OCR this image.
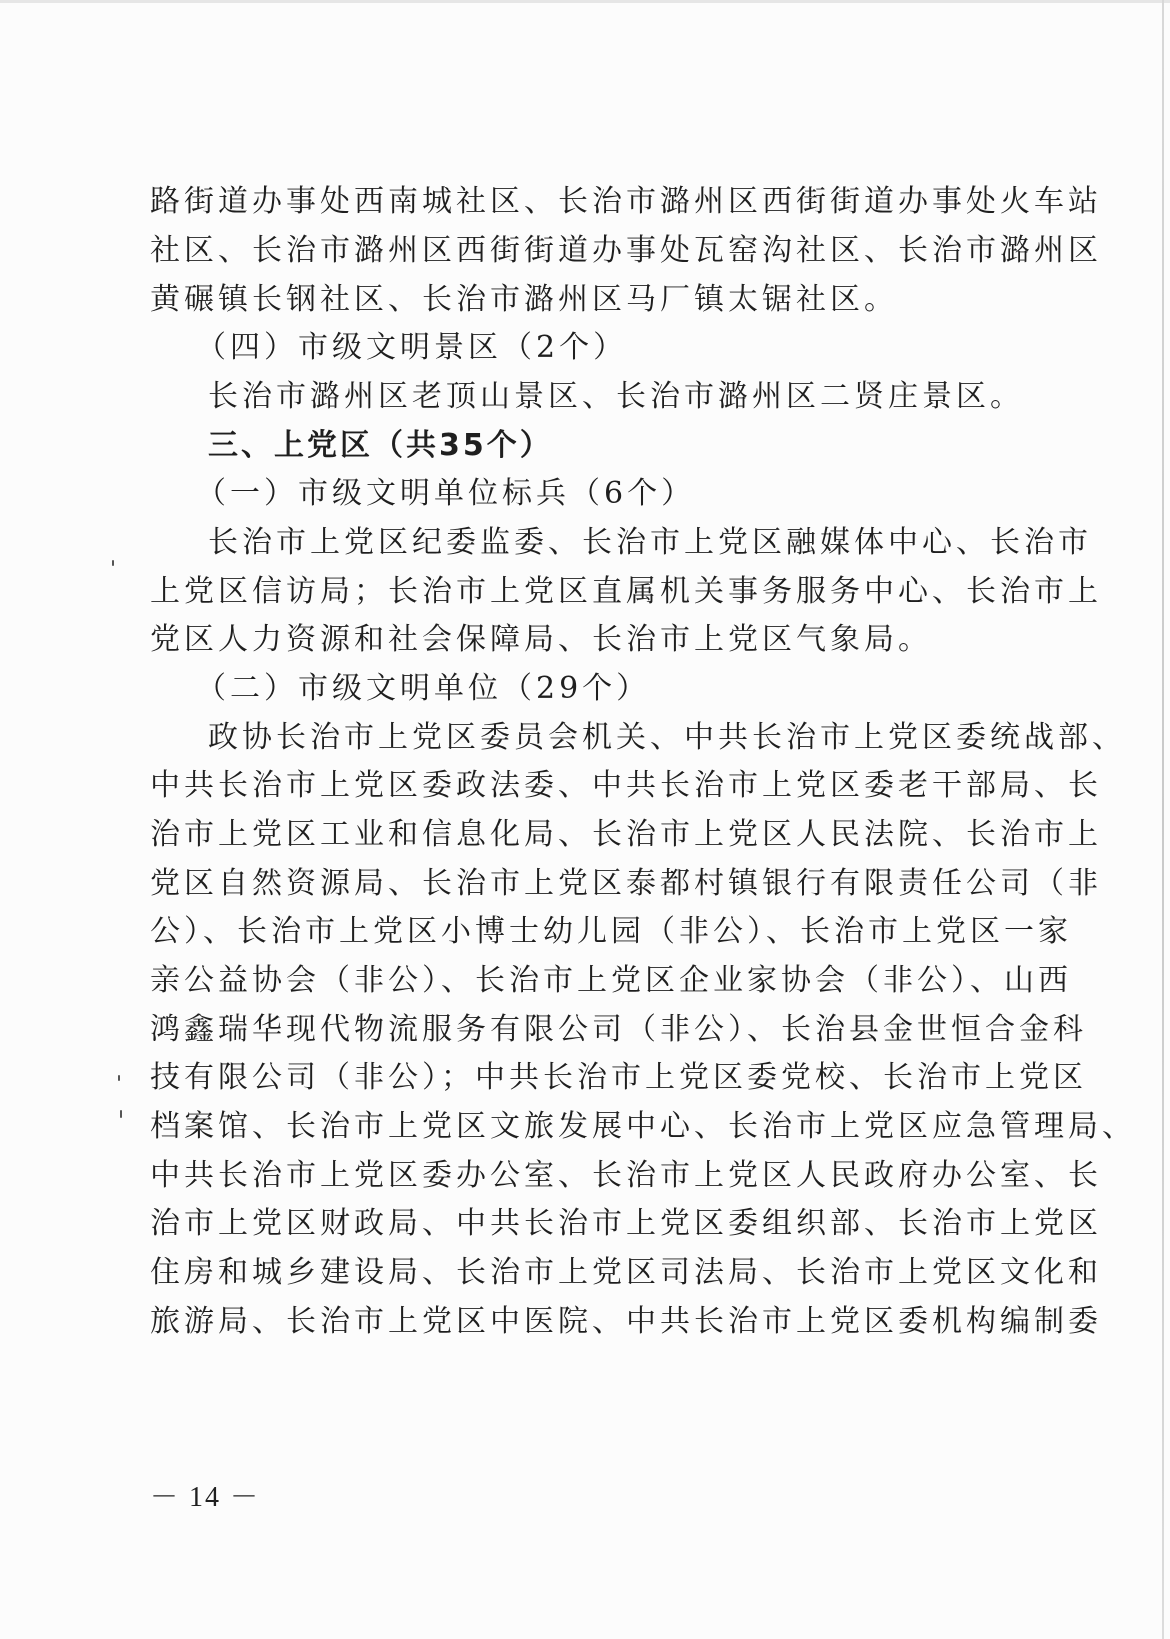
路街道办事处西南城社区、长治市潞州区西街街道办事处火车站
社区、长治市潞州区西街街道办事处瓦窑沟社区、长治市潞州区
黄碾镇长钢社区、长治市潞州区马厂镇太锯社区。
（四）市级文明景区（2个）
长治市潞州区老顶山景区、长治市潞州区二贤庄景区。
三、上党区（共35个）
（一）市级文明单位标兵（6个）
长治市上党区纪委监委、长治市上党区融媒体中心、长治市
上党区信访局；长治市上党区直属机关事务服务中心、长治市上
党区人力资源和社会保障局、长治市上党区气象局。
（二）市级文明单位（29个）
政协长治市上党区委员会机关、中共长治市上党区委统战部、
中共长治市上党区委政法委、中共长治市上党区委老干部局、长
治市上党区工业和信息化局、长治市上党区人民法院、长治市上
党区自然资源局、长治市上党区泰都村镇银行有限责任公司（非
公）、长治市上党区小博士幼儿园（非公）、长治市上党区一家
亲公益协会（非公）、长治市上党区企业家协会（非公）、山西
鸿鑫瑞华现代物流服务有限公司（非公）、长治县金世恒合金科
技有限公司（非公）；中共长治市上党区委党校、长治市上党区
档案馆、长治市上党区文旅发展中心、长治市上党区应急管理局、
中共长治市上党区委办公室、长治市上党区人民政府办公室、长
治市上党区财政局、中共长治市上党区委组织部、长治市上党区
住房和城乡建设局、长治市上党区司法局、长治市上党区文化和
旅游局、长治市上党区中医院、中共长治市上党区委机构编制委
－ 14 －
